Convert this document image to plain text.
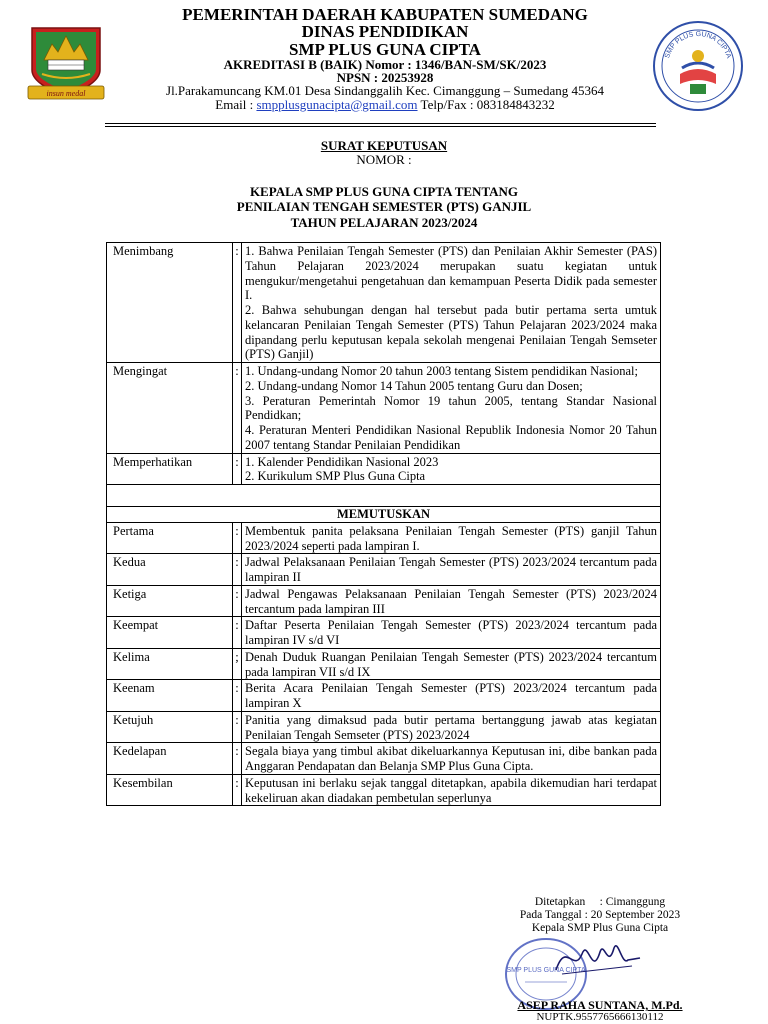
insun medal
SMP PLUS GUNA CIPTA
PEMERINTAH DAERAH KABUPATEN SUMEDANG
DINAS PENDIDIKAN
SMP PLUS GUNA CIPTA
AKREDITASI B (BAIK) Nomor : 1346/BAN-SM/SK/2023
NPSN : 20253928
Jl.Parakamuncang KM.01 Desa Sindanggalih Kec. Cimanggung – Sumedang 45364
Email : smpplusgunacipta@gmail.com Telp/Fax : 083184843232
SURAT KEPUTUSAN
NOMOR :
KEPALA SMP PLUS GUNA CIPTA TENTANG
PENILAIAN TENGAH SEMESTER (PTS) GANJIL
TAHUN PELAJARAN 2023/2024
Menimbang	:	1. Bahwa Penilaian Tengah Semester (PTS) dan Penilaian Akhir Semester (PAS) Tahun Pelajaran 2023/2024 merupakan suatu kegiatan untuk mengukur/mengetahui pengetahuan dan kemampuan Peserta Didik pada semester I.

2. Bahwa sehubungan dengan hal tersebut pada butir pertama serta umtuk kelancaran Penilaian Tengah Semester (PTS) Tahun Pelajaran 2023/2024 maka dipandang perlu keputusan kepala sekolah mengenai Penilaian Tengah Semseter (PTS) Ganjil)

Mengingat	:	1. Undang-undang Nomor 20 tahun 2003 tentang Sistem pendidikan Nasional;

2. Undang-undang Nomor 14 Tahun 2005 tentang Guru dan Dosen;

3. Peraturan Pemerintah Nomor 19 tahun 2005, tentang Standar Nasional Pendidkan;

4. Peraturan Menteri Pendidikan Nasional Republik Indonesia Nomor 20 Tahun 2007 tentang Standar Penilaian Pendidikan

Memperhatikan	:	1. Kalender Pendidikan Nasional 2023

2. Kurikulum SMP Plus Guna Cipta

MEMUTUSKAN		
Pertama	:	Membentuk panita pelaksana Penilaian Tengah Semester (PTS) ganjil Tahun 2023/2024 seperti pada lampiran I.
Kedua	:	Jadwal Pelaksanaan Penilaian Tengah Semester (PTS) 2023/2024 tercantum pada lampiran II
Ketiga	:	Jadwal Pengawas Pelaksanaan Penilaian Tengah Semester (PTS) 2023/2024 tercantum pada lampiran III
Keempat	:	Daftar Peserta Penilaian Tengah Semester (PTS) 2023/2024 tercantum pada lampiran IV s/d VI
Kelima	;	Denah Duduk Ruangan Penilaian Tengah Semester (PTS) 2023/2024 tercantum pada lampiran VII s/d IX
Keenam	:	Berita Acara Penilaian Tengah Semester (PTS) 2023/2024 tercantum pada lampiran X
Ketujuh	:	Panitia yang dimaksud pada butir pertama bertanggung jawab atas kegiatan Penilaian Tengah Semseter (PTS) 2023/2024
Kedelapan	:	Segala biaya yang timbul akibat dikeluarkannya Keputusan ini, dibe bankan pada Anggaran Pendapatan dan Belanja SMP Plus Guna Cipta.
Kesembilan	:	Keputusan ini berlaku sejak tanggal ditetapkan, apabila dikemudian hari terdapat kekeliruan akan diadakan pembetulan seperlunya
Ditetapkan     : Cimanggung
Pada Tanggal : 20 September 2023
Kepala SMP Plus Guna Cipta
SMP PLUS GUNA CIPTA
ASEP RAHA SUNTANA, M.Pd.
NUPTK.9557765666130112
